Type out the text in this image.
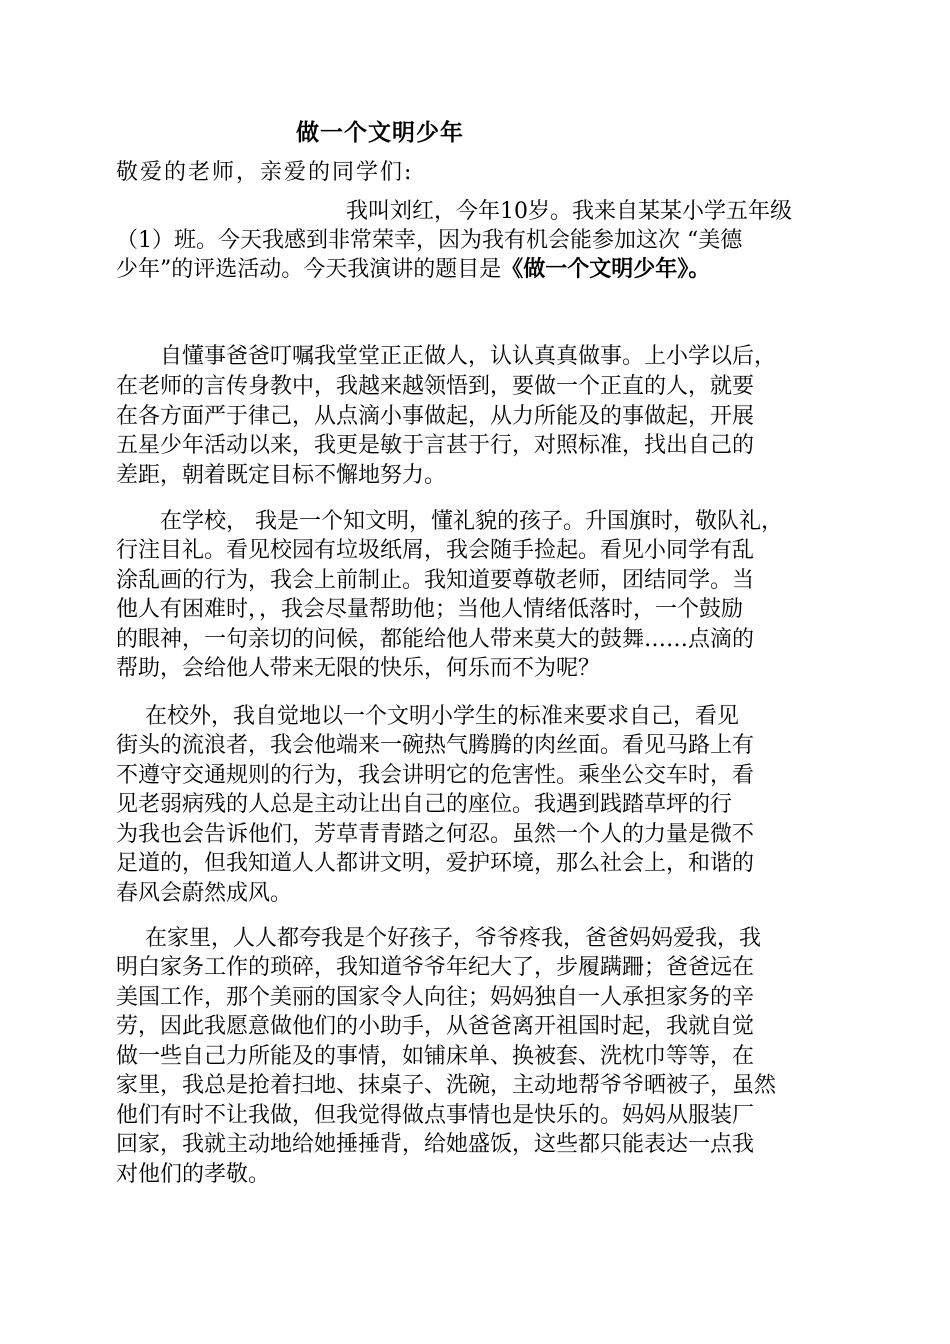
做一个文明少年
敬爱的老师，亲爱的同学们:
我叫刘红，今年10岁。我来自某某小学五年级
（1）班。今天我感到非常荣幸，因为我有机会能参加这次 “美德
少年”的评选活动。今天我演讲的题目是《做一个文明少年》。
　　自懂事爸爸叮嘱我堂堂正正做人，认认真真做事。上小学以后，
在老师的言传身教中，我越来越领悟到，要做一个正直的人，就要
在各方面严于律己，从点滴小事做起，从力所能及的事做起，开展
五星少年活动以来，我更是敏于言甚于行，对照标准，找出自己的
差距，朝着既定目标不懈地努力。
　　在学校， 我是一个知文明，懂礼貌的孩子。升国旗时，敬队礼，
行注目礼。看见校园有垃圾纸屑，我会随手捡起。看见小同学有乱
涂乱画的行为，我会上前制止。我知道要尊敬老师，团结同学。当
他人有困难时，，我会尽量帮助他；当他人情绪低落时，一个鼓励
的眼神，一句亲切的问候，都能给他人带来莫大的鼓舞……点滴的
帮助，会给他人带来无限的快乐，何乐而不为呢？
　 在校外，我自觉地以一个文明小学生的标准来要求自己，看见
街头的流浪者，我会他端来一碗热气腾腾的肉丝面。看见马路上有
不遵守交通规则的行为，我会讲明它的危害性。乘坐公交车时，看
见老弱病残的人总是主动让出自己的座位。我遇到践踏草坪的行
为我也会告诉他们，芳草青青踏之何忍。虽然一个人的力量是微不
足道的，但我知道人人都讲文明，爱护环境，那么社会上，和谐的
春风会蔚然成风。
　 在家里，人人都夸我是个好孩子，爷爷疼我，爸爸妈妈爱我，我
明白家务工作的琐碎，我知道爷爷年纪大了，步履蹒跚；爸爸远在
美国工作，那个美丽的国家令人向往；妈妈独自一人承担家务的辛
劳，因此我愿意做他们的小助手，从爸爸离开祖国时起，我就自觉
做一些自己力所能及的事情，如铺床单、换被套、洗枕巾等等，在
家里，我总是抢着扫地、抹桌子、洗碗，主动地帮爷爷晒被子，虽然
他们有时不让我做，但我觉得做点事情也是快乐的。妈妈从服装厂
回家，我就主动地给她捶捶背，给她盛饭，这些都只能表达一点我
对他们的孝敬。
